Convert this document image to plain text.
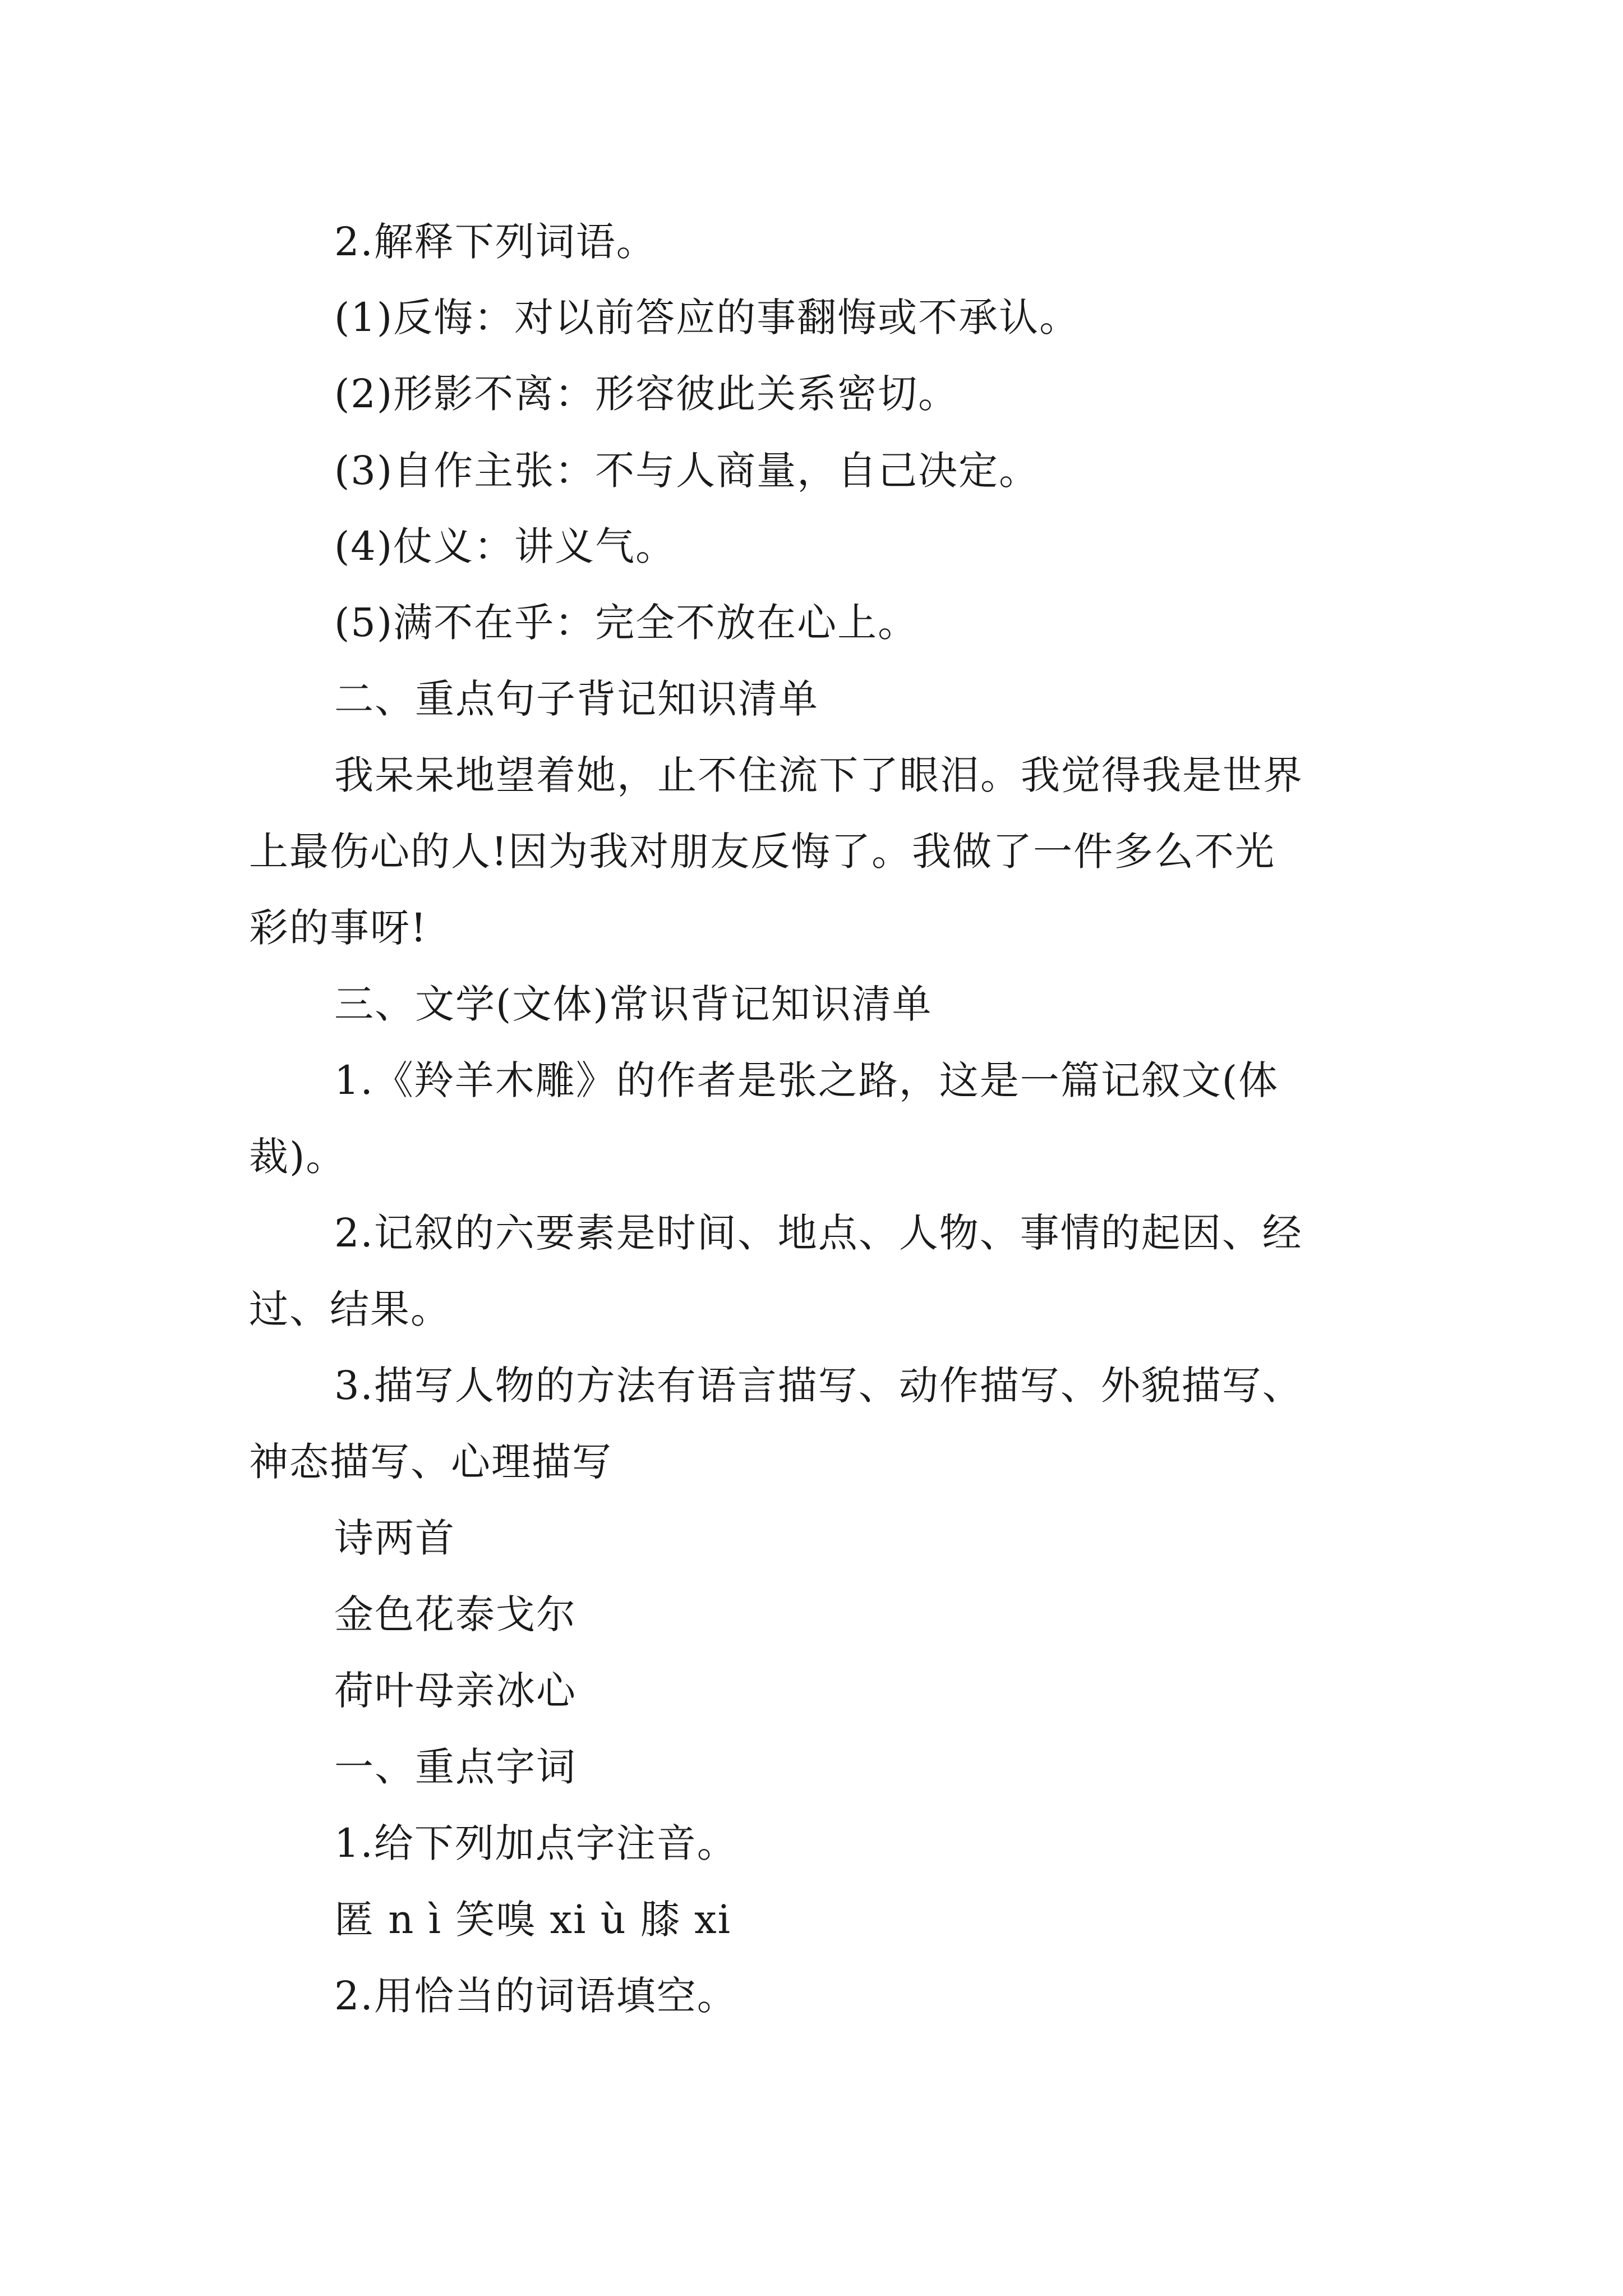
2.解释下列词语。
(1)反悔：对以前答应的事翻悔或不承认。
(2)形影不离：形容彼此关系密切。
(3)自作主张：不与人商量，自己决定。
(4)仗义：讲义气。
(5)满不在乎：完全不放在心上。
二、重点句子背记知识清单
我呆呆地望着她，止不住流下了眼泪。我觉得我是世界
上最伤心的人!因为我对朋友反悔了。我做了一件多么不光
彩的事呀!
三、文学(文体)常识背记知识清单
1.《羚羊木雕》的作者是张之路，这是一篇记叙文(体
裁)。
2.记叙的六要素是时间、地点、人物、事情的起因、经
过、结果。
3.描写人物的方法有语言描写、动作描写、外貌描写、
神态描写、心理描写
诗两首
金色花泰戈尔
荷叶母亲冰心
一、重点字词
1.给下列加点字注音。
匿 n ì 笑嗅 xi ù 膝 xi
2.用恰当的词语填空。
